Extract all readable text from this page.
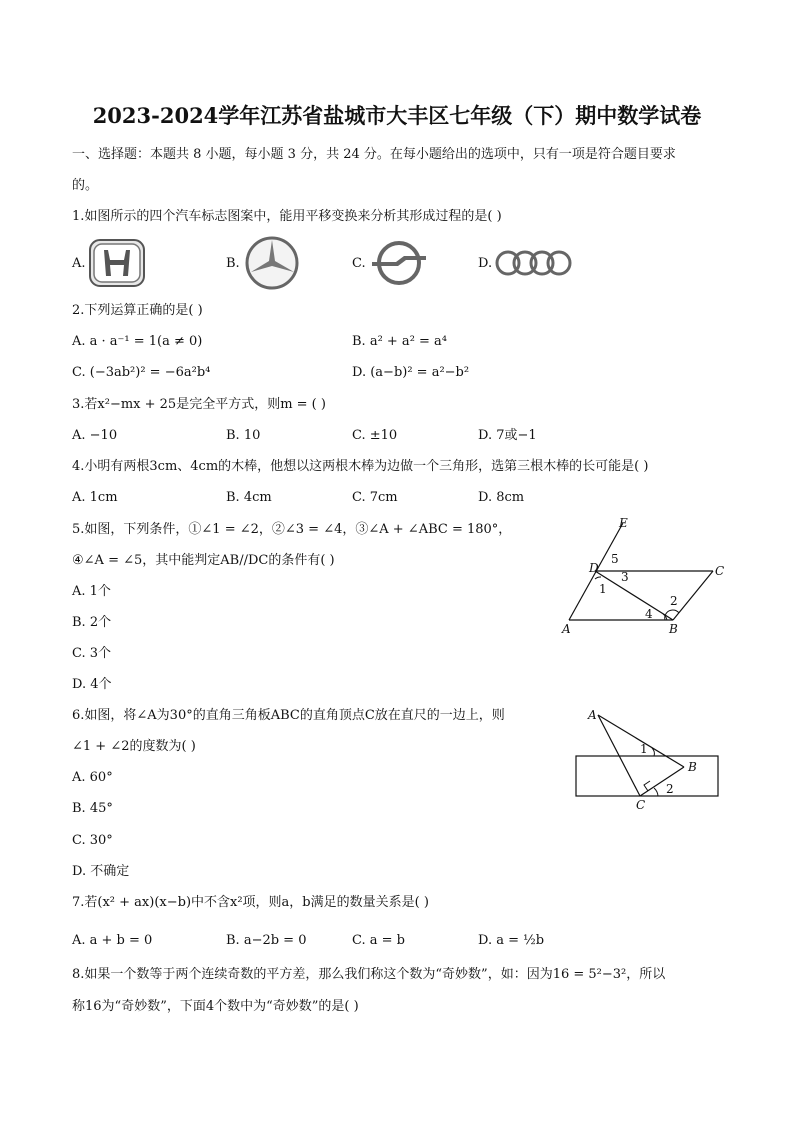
2023-2024学年江苏省盐城市大丰区七年级（下）期中数学试卷
一、选择题：本题共 8 小题，每小题 3 分，共 24 分。在每小题给出的选项中，只有一项是符合题目要求
的。
1.如图所示的四个汽车标志图案中，能用平移变换来分析其形成过程的是( )
A.	B.	C.	D.
2.下列运算正确的是( )
A. a · a⁻¹ = 1(a ≠ 0)	B. a² + a² = a⁴
C. (−3ab²)² = −6a²b⁴	D. (a−b)² = a²−b²
3.若x²−mx + 25是完全平方式，则m = ( )
A. −10	B. 10	C. ±10	D. 7或−1
4.小明有两根3cm、4cm的木棒，他想以这两根木棒为边做一个三角形，选第三根木棒的长可能是( )
A. 1cm	B. 4cm	C. 7cm	D. 8cm
5.如图，下列条件，①∠1 = ∠2，②∠3 = ∠4，③∠A + ∠ABC = 180°，
④∠A = ∠5，其中能判定AB//DC的条件有( )
A. 1个
B. 2个
C. 3个
D. 4个
E
D	C
A	B
5
3
1
4
2
6.如图，将∠A为30°的直角三角板ABC的直角顶点C放在直尺的一边上，则
∠1 + ∠2的度数为( )
A. 60°
B. 45°
C. 30°
D. 不确定
A
B
C
1
2
7.若(x² + ax)(x−b)中不含x²项，则a，b满足的数量关系是( )
A. a + b = 0	B. a−2b = 0	C. a = b	D. a = ½b
8.如果一个数等于两个连续奇数的平方差，那么我们称这个数为“奇妙数”，如：因为16 = 5²−3²，所以
称16为“奇妙数”，下面4个数中为“奇妙数”的是( )
